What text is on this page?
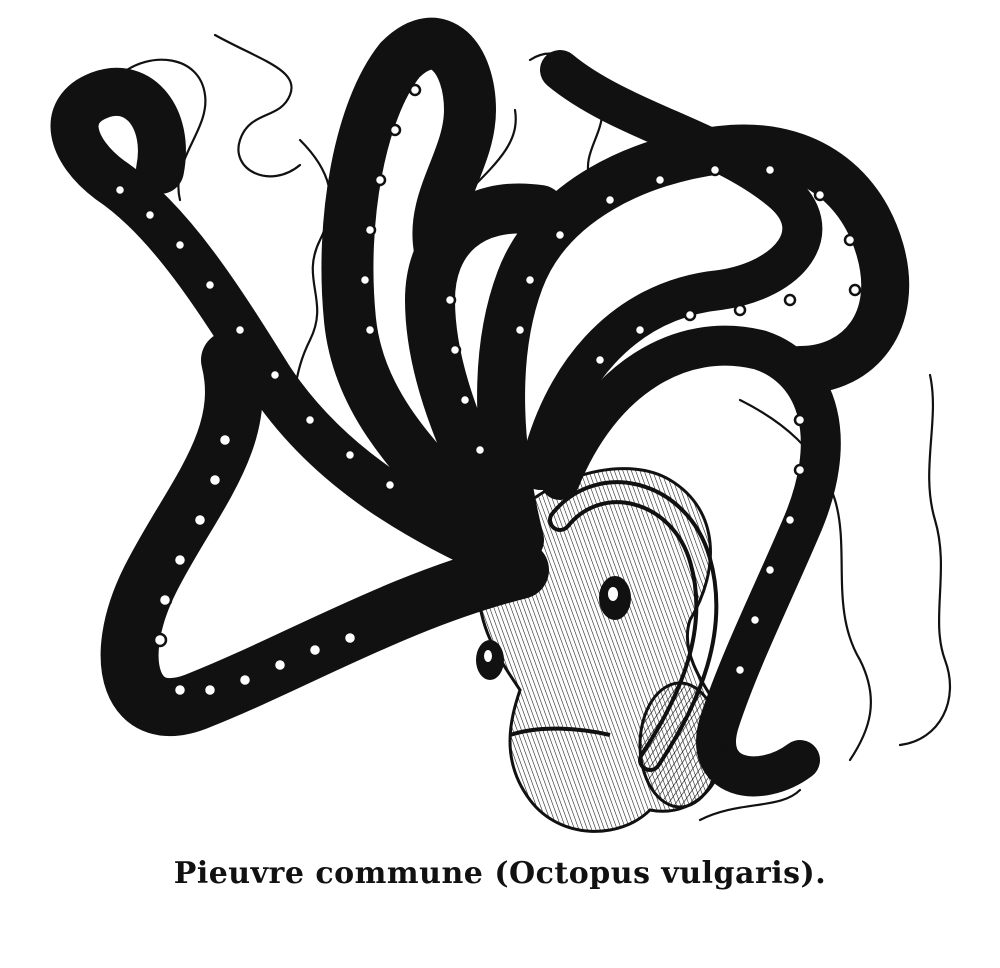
Pieuvre commune (Octopus vulgaris).
